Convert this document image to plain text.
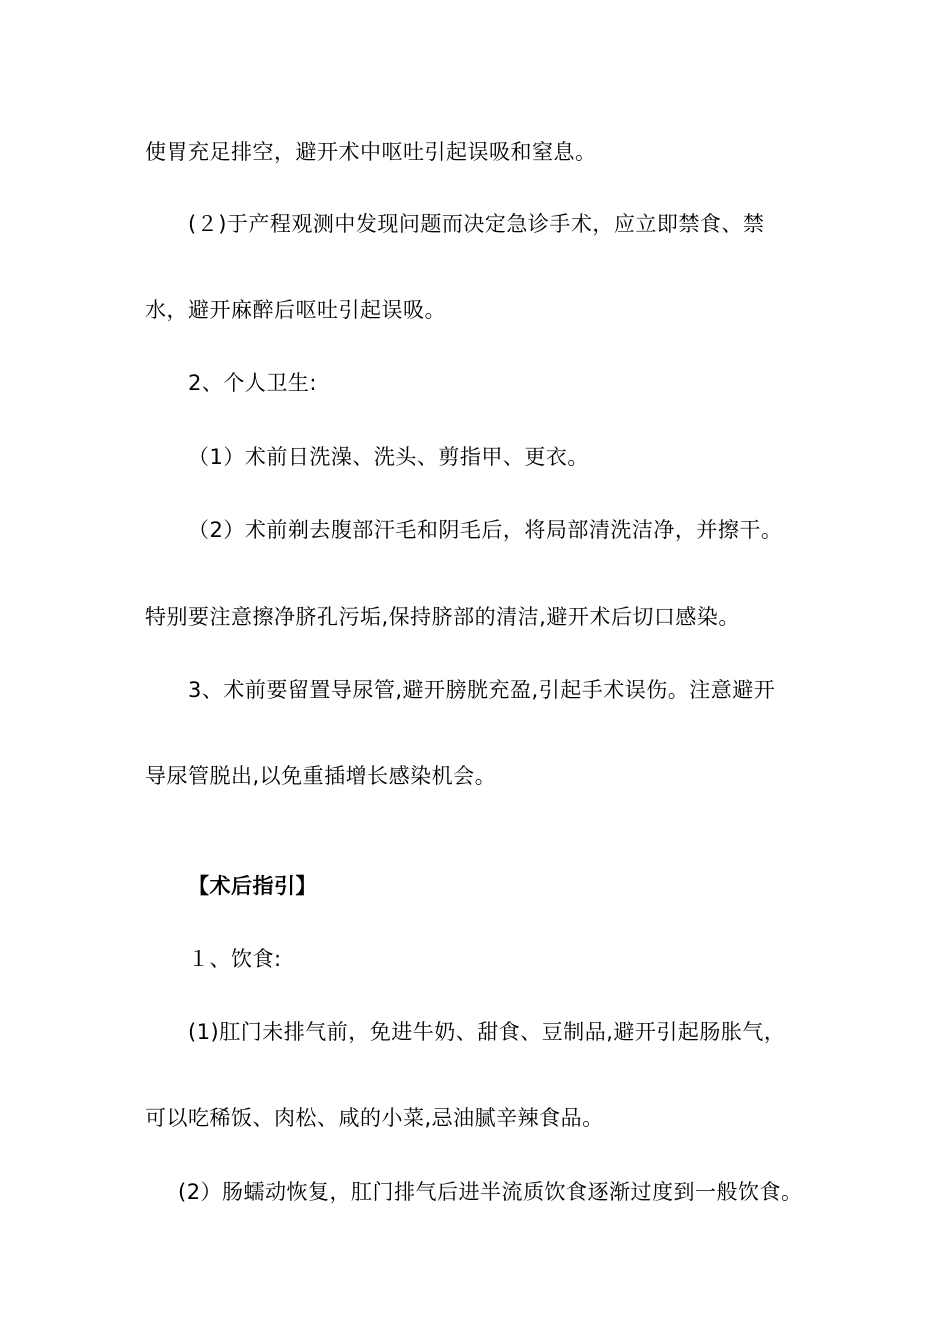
使胃充足排空，避开术中呕吐引起误吸和窒息。
(２)于产程观测中发现问题而决定急诊手术，应立即禁食、禁
水，避开麻醉后呕吐引起误吸。
2、个人卫生:
（1）术前日洗澡、洗头、剪指甲、更衣。
（2）术前剃去腹部汗毛和阴毛后，将局部清洗洁净，并擦干。
特别要注意擦净脐孔污垢,保持脐部的清洁,避开术后切口感染。
3、术前要留置导尿管,避开膀胱充盈,引起手术误伤。注意避开
导尿管脱出,以免重插增长感染机会。
【术后指引】
１、饮食:
(1)肛门未排气前，免进牛奶、甜食、豆制品,避开引起肠胀气，
可以吃稀饭、肉松、咸的小菜,忌油腻辛辣食品。
(2）肠蠕动恢复，肛门排气后进半流质饮食逐渐过度到一般饮食。
